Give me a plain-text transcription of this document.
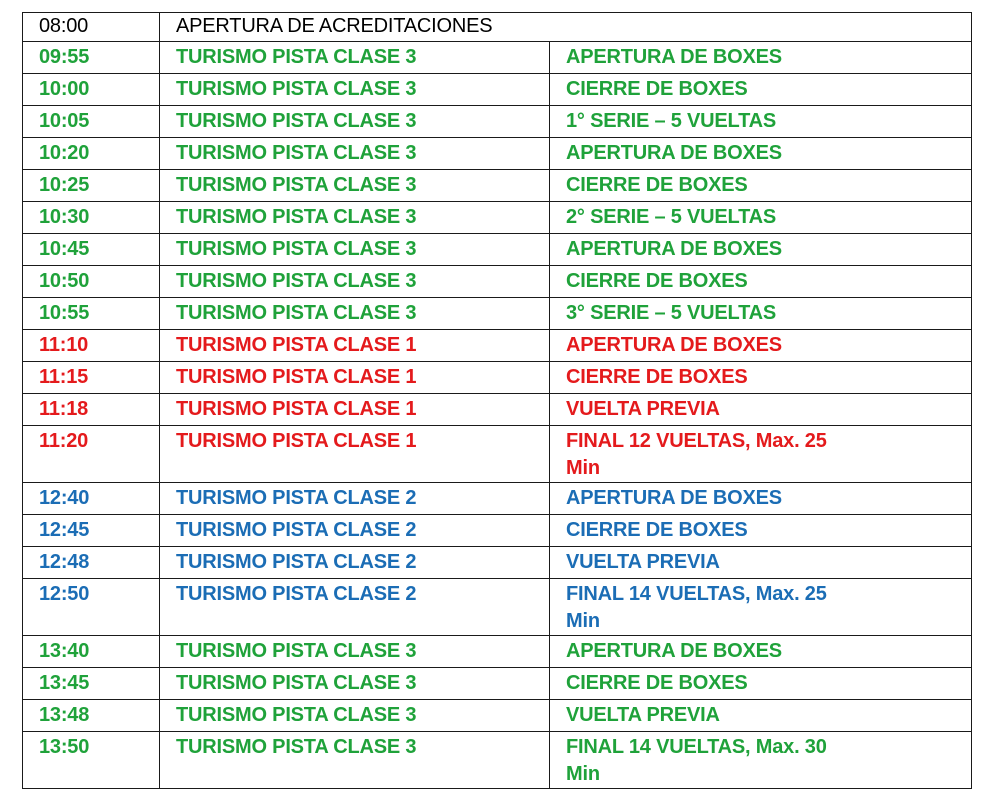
08:00	APERTURA DE ACREDITACIONES	
09:55	TURISMO PISTA CLASE 3	APERTURA DE BOXES
10:00	TURISMO PISTA CLASE 3	CIERRE DE BOXES
10:05	TURISMO PISTA CLASE 3	1° SERIE – 5 VUELTAS
10:20	TURISMO PISTA CLASE 3	APERTURA DE BOXES
10:25	TURISMO PISTA CLASE 3	CIERRE DE BOXES
10:30	TURISMO PISTA CLASE 3	2° SERIE – 5 VUELTAS
10:45	TURISMO PISTA CLASE 3	APERTURA DE BOXES
10:50	TURISMO PISTA CLASE 3	CIERRE DE BOXES
10:55	TURISMO PISTA CLASE 3	3° SERIE – 5 VUELTAS
11:10	TURISMO PISTA CLASE 1	APERTURA DE BOXES
11:15	TURISMO PISTA CLASE 1	CIERRE DE BOXES
11:18	TURISMO PISTA CLASE 1	VUELTA PREVIA
11:20	TURISMO PISTA CLASE 1	FINAL 12 VUELTAS, Max. 25 Min
12:40	TURISMO PISTA CLASE 2	APERTURA DE BOXES
12:45	TURISMO PISTA CLASE 2	CIERRE DE BOXES
12:48	TURISMO PISTA CLASE 2	VUELTA PREVIA
12:50	TURISMO PISTA CLASE 2	FINAL 14 VUELTAS, Max. 25 Min
13:40	TURISMO PISTA CLASE 3	APERTURA DE BOXES
13:45	TURISMO PISTA CLASE 3	CIERRE DE BOXES
13:48	TURISMO PISTA CLASE 3	VUELTA PREVIA
13:50	TURISMO PISTA CLASE 3	FINAL 14 VUELTAS, Max. 30 Min
